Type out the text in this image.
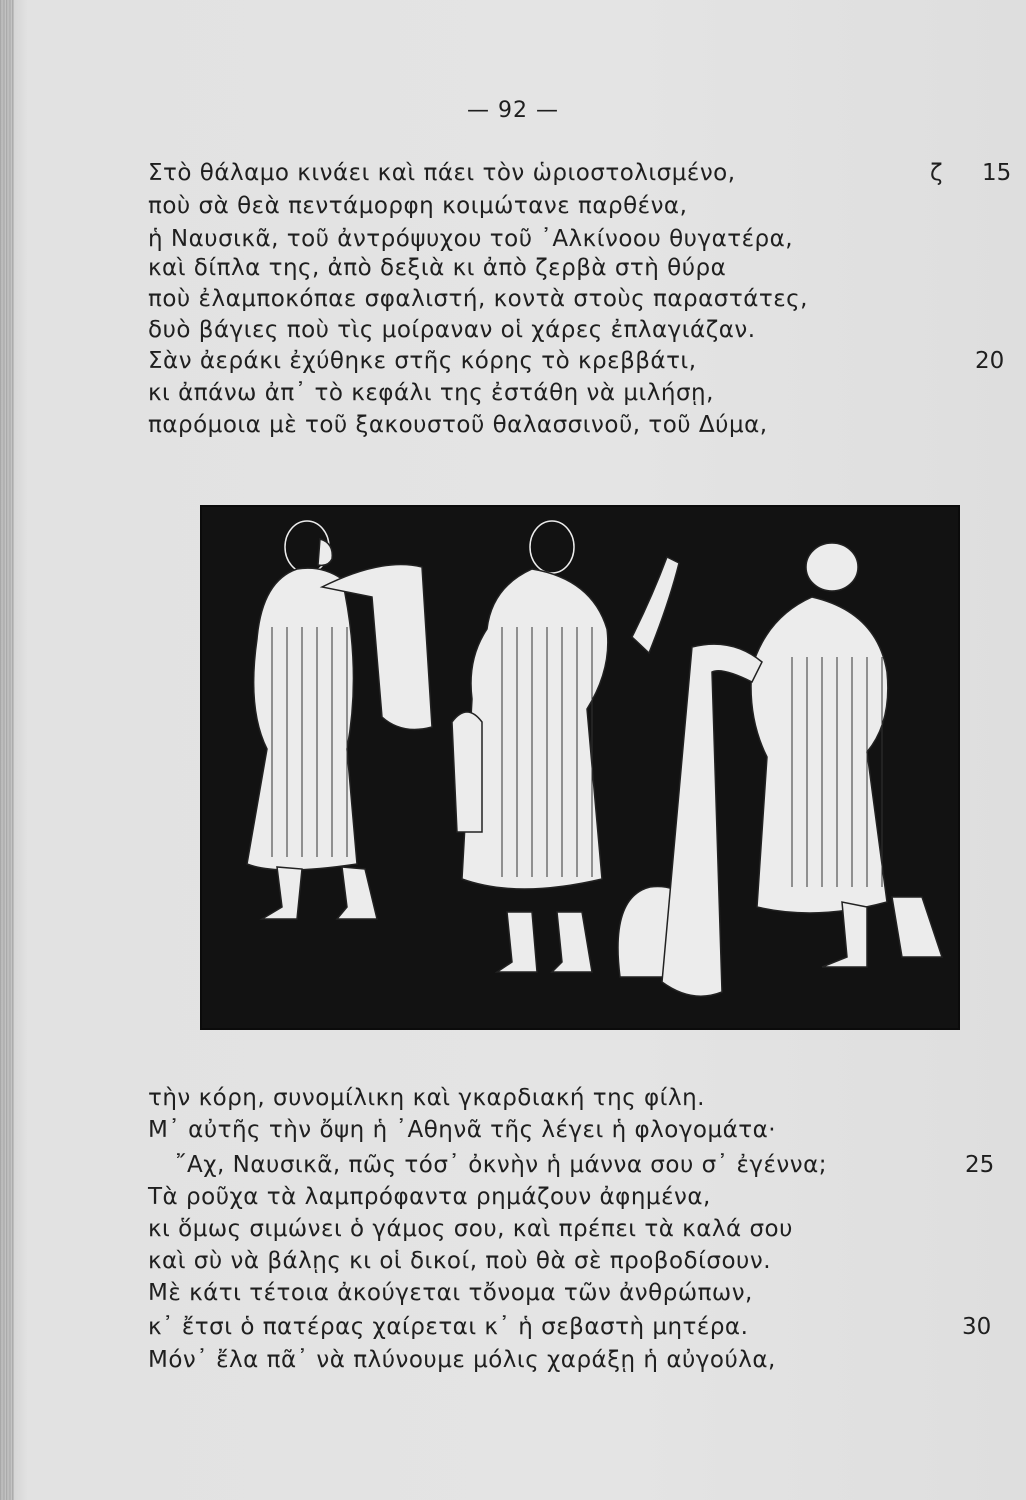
— 92 —
Στὸ θάλαμο κινάει καὶ πάει τὸν ὡριοστολισμένο,
ποὺ σὰ θεὰ πεντάμορφη κοιμώτανε παρθένα,
ἡ Ναυσικᾶ, τοῦ ἀντρόψυχου τοῦ ᾿Αλκίνοου θυγατέρα,
καὶ δίπλα της, ἀπὸ δεξιὰ κι ἀπὸ ζερβὰ στὴ θύρα
ποὺ ἐλαμποκόπαε σφαλιστή, κοντὰ στοὺς παραστάτες,
δυὸ βάγιες ποὺ τὶς μοίραναν οἱ χάρες ἐπλαγιάζαν.
Σὰν ἀεράκι ἐχύθηκε στῆς κόρης τὸ κρεββάτι,
κι ἀπάνω ἀπ᾿ τὸ κεφάλι της ἐστάθη νὰ μιλήσῃ,
παρόμοια μὲ τοῦ ξακουστοῦ θαλασσινοῦ, τοῦ Δύμα,
ζ 15
20
25
30
τὴν κόρη, συνομίλικη καὶ γκαρδιακή της φίλη.
Μ᾿ αὐτῆς τὴν ὄψη ἡ ᾿Αθηνᾶ τῆς λέγει ἡ φλογομάτα·
῎Αχ, Ναυσικᾶ, πῶς τόσ᾿ ὀκνὴν ἡ μάννα σου σ᾿ ἐγέννα;
Τὰ ροῦχα τὰ λαμπρόφαντα ρημάζουν ἀφημένα,
κι ὅμως σιμώνει ὁ γάμος σου, καὶ πρέπει τὰ καλά σου
καὶ σὺ νὰ βάλῃς κι οἱ δικοί, ποὺ θὰ σὲ προβοδίσουν.
Μὲ κάτι τέτοια ἀκούγεται τὄνομα τῶν ἀνθρώπων,
κ᾿ ἔτσι ὁ πατέρας χαίρεται κ᾿ ἡ σεβαστὴ μητέρα.
Μόν᾿ ἔλα πᾶ᾿ νὰ πλύνουμε μόλις χαράξῃ ἡ αὐγούλα,
